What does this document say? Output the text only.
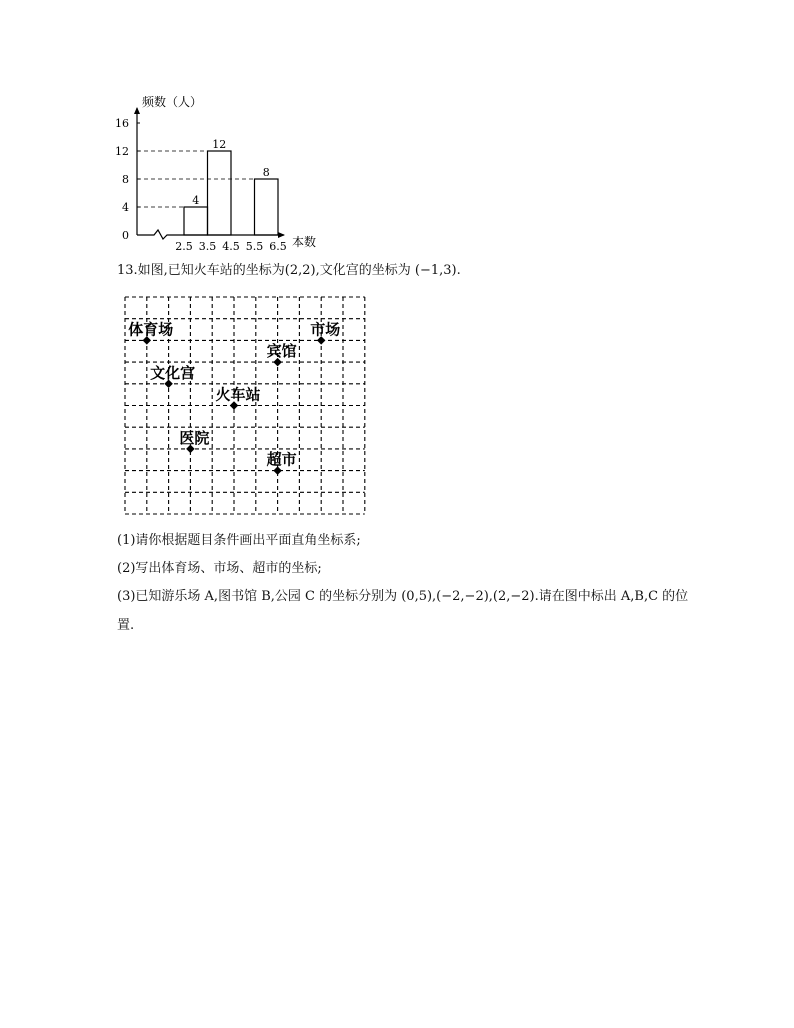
0
4
8
12
16
2.5 3.5 4.5 5.5 6.5
4
12
8
频数（人）
本数
体育场	市场
宾馆
文化宫
火车站
医院
超市
13.如图,已知火车站的坐标为(2,2),文化宫的坐标为 (−1,3).
(1)请你根据题目条件画出平面直角坐标系;
(2)写出体育场、市场、超市的坐标;
(3)已知游乐场 A,图书馆 B,公园 C 的坐标分别为 (0,5),(−2,−2),(2,−2).请在图中标出 A,B,C 的位
置.
